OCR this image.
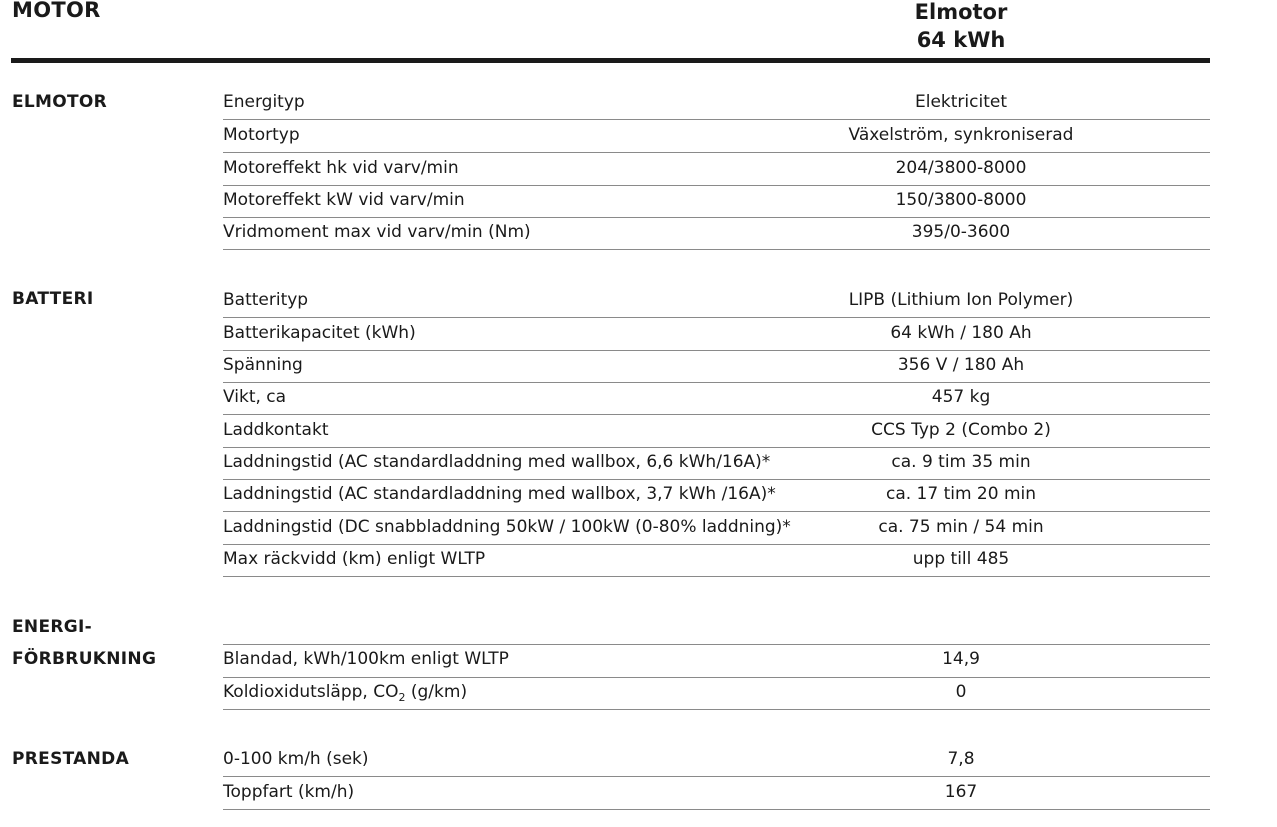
MOTOR	Elmotor
64 kWh
ELMOTOR	Energityp	Elektricitet
Motortyp	Växelström, synkroniserad
Motoreffekt hk vid varv/min	204/3800-8000
Motoreffekt kW vid varv/min	150/3800-8000
Vridmoment max vid varv/min (Nm)	395/0-3600
BATTERI	Batterityp	LIPB (Lithium Ion Polymer)
Batterikapacitet (kWh)	64 kWh / 180 Ah
Spänning	356 V / 180 Ah
Vikt, ca	457 kg
Laddkontakt	CCS Typ 2 (Combo 2)
Laddningstid (AC standardladdning med wallbox, 6,6 kWh/16A)*	ca. 9 tim 35 min
Laddningstid (AC standardladdning med wallbox, 3,7 kWh /16A)*	ca. 17 tim 20 min
Laddningstid (DC snabbladdning 50kW / 100kW (0-80% laddning)*	ca. 75 min / 54 min
Max räckvidd (km) enligt WLTP	upp till 485
ENERGI-
FÖRBRUKNING	Blandad, kWh/100km enligt WLTP	14,9
Koldioxidutsläpp, $CO_2$ (g/km)	0
PRESTANDA	0-100 km/h (sek)	7,8
Toppfart (km/h)	167
